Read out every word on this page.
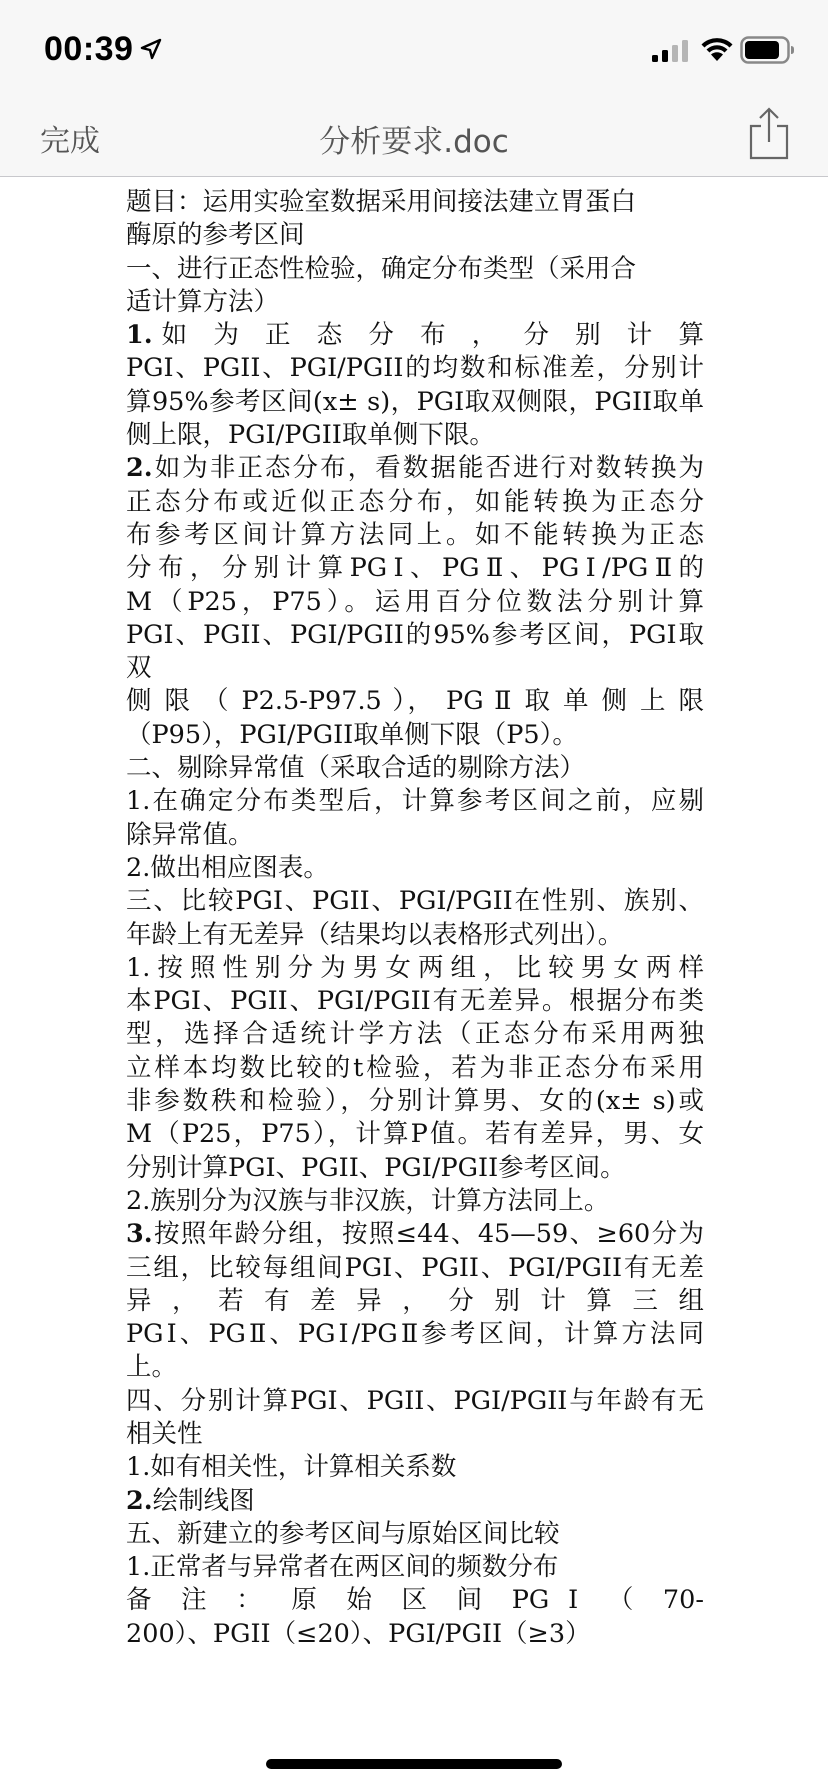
00:39
完成	分析要求.doc

题目：运用实验室数据采用间接法建立胃蛋白

酶原的参考区间

一、进行正态性检验，确定分布类型（采用合

适计算方法）

1.如 为 正 态 分 布 ， 分 别 计 算

PGI、PGII、PGI/PGII的均数和标准差，分别计

算95%参考区间(x± s)，PGI取双侧限，PGII取单

侧上限，PGI/PGII取单侧下限。

2.如为非正态分布，看数据能否进行对数转换为

正态分布或近似正态分布，如能转换为正态分

布参考区间计算方法同上。如不能转换为正态

分布，分别计算PGⅠ、PGⅡ、PGⅠ/PGⅡ的

M（P25，P75）。运用百分位数法分别计算

PGI、PGII、PGI/PGII的95%参考区间，PGI取双

侧 限 （ P2.5-P97.5 ）， PG Ⅱ 取 单 侧 上 限

（P95），PGI/PGII取单侧下限（P5）。

二、剔除异常值（采取合适的剔除方法）

1.在确定分布类型后，计算参考区间之前，应剔

除异常值。

2.做出相应图表。

三、比较PGI、PGII、PGI/PGII在性别、族别、

年龄上有无差异（结果均以表格形式列出）。

1.按照性别分为男女两组，比较男女两样

本PGI、PGII、PGI/PGII有无差异。根据分布类

型，选择合适统计学方法（正态分布采用两独

立样本均数比较的t检验，若为非正态分布采用

非参数秩和检验），分别计算男、女的(x± s)或

M（P25，P75），计算P值。若有差异，男、女

分别计算PGI、PGII、PGI/PGII参考区间。

2.族别分为汉族与非汉族，计算方法同上。

3.按照年龄分组，按照≤44、45—59、≥60分为

三组，比较每组间PGI、PGII、PGI/PGII有无差

异 ， 若 有 差 异 ， 分 别 计 算 三 组

PGⅠ、PGⅡ、PGⅠ/PGⅡ参考区间，计算方法同

上。

四、分别计算PGI、PGII、PGI/PGII与年龄有无

相关性

1.如有相关性，计算相关系数

2.绘制线图

五、新建立的参考区间与原始区间比较

1.正常者与异常者在两区间的频数分布

备 注 ： 原 始 区 间 PG Ⅰ （ 70-

200）、PGII（≤20）、PGI/PGII（≥3）
